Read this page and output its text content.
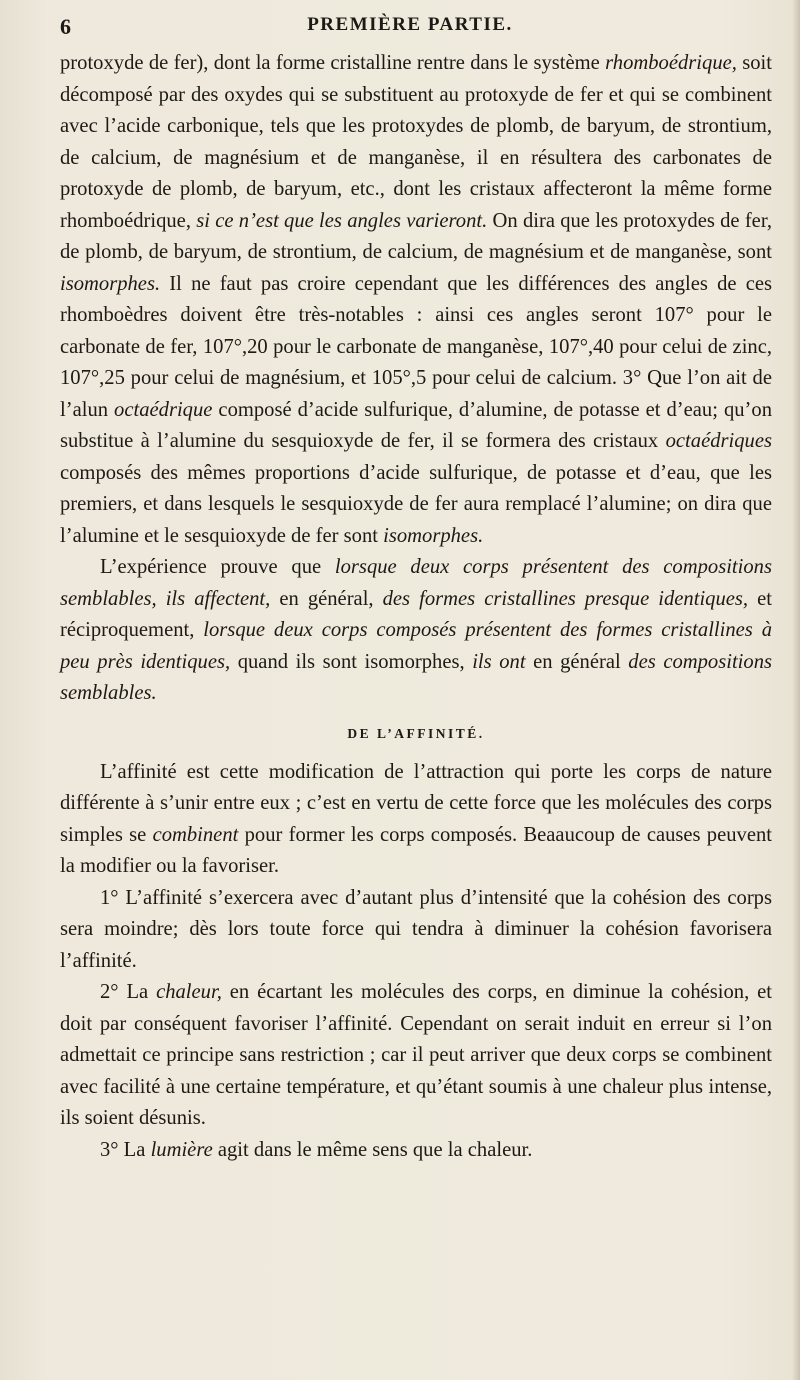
6	PREMIÈRE PARTIE.

protoxyde de fer), dont la forme cristalline rentre dans le système rhomboédrique, soit décomposé par des oxydes qui se substituent au protoxyde de fer et qui se combinent avec l’acide carbonique, tels que les protoxydes de plomb, de baryum, de strontium, de calcium, de magnésium et de manganèse, il en résultera des carbonates de protoxyde de plomb, de baryum, etc., dont les cristaux affecteront la même forme rhomboédrique, si ce n’est que les angles varieront. On dira que les protoxydes de fer, de plomb, de baryum, de strontium, de calcium, de magnésium et de manganèse, sont isomorphes. Il ne faut pas croire cependant que les différences des angles de ces rhomboèdres doivent être très-notables : ainsi ces angles seront 107° pour le carbonate de fer, 107°,20 pour le carbonate de manganèse, 107°,40 pour celui de zinc, 107°,25 pour celui de magnésium, et 105°,5 pour celui de calcium. 3° Que l’on ait de l’alun octaédrique composé d’acide sulfurique, d’alumine, de potasse et d’eau; qu’on substitue à l’alumine du sesquioxyde de fer, il se formera des cristaux octaédriques composés des mêmes proportions d’acide sulfurique, de potasse et d’eau, que les premiers, et dans lesquels le sesquioxyde de fer aura remplacé l’alumine; on dira que l’alumine et le sesquioxyde de fer sont isomorphes.

L’expérience prouve que lorsque deux corps présentent des compositions semblables, ils affectent, en général, des formes cristallines presque identiques, et réciproquement, lorsque deux corps composés présentent des formes cristallines à peu près identiques, quand ils sont isomorphes, ils ont en général des compositions semblables.

DE L’AFFINITÉ.

L’affinité est cette modification de l’attraction qui porte les corps de nature différente à s’unir entre eux ; c’est en vertu de cette force que les molécules des corps simples se combinent pour former les corps composés. Beaaucoup de causes peuvent la modifier ou la favoriser.

1° L’affinité s’exercera avec d’autant plus d’intensité que la cohésion des corps sera moindre; dès lors toute force qui tendra à diminuer la cohésion favorisera l’affinité.

2° La chaleur, en écartant les molécules des corps, en diminue la cohésion, et doit par conséquent favoriser l’affinité. Cependant on serait induit en erreur si l’on admettait ce principe sans restriction ; car il peut arriver que deux corps se combinent avec facilité à une certaine température, et qu’étant soumis à une chaleur plus intense, ils soient désunis.

3° La lumière agit dans le même sens que la chaleur.
